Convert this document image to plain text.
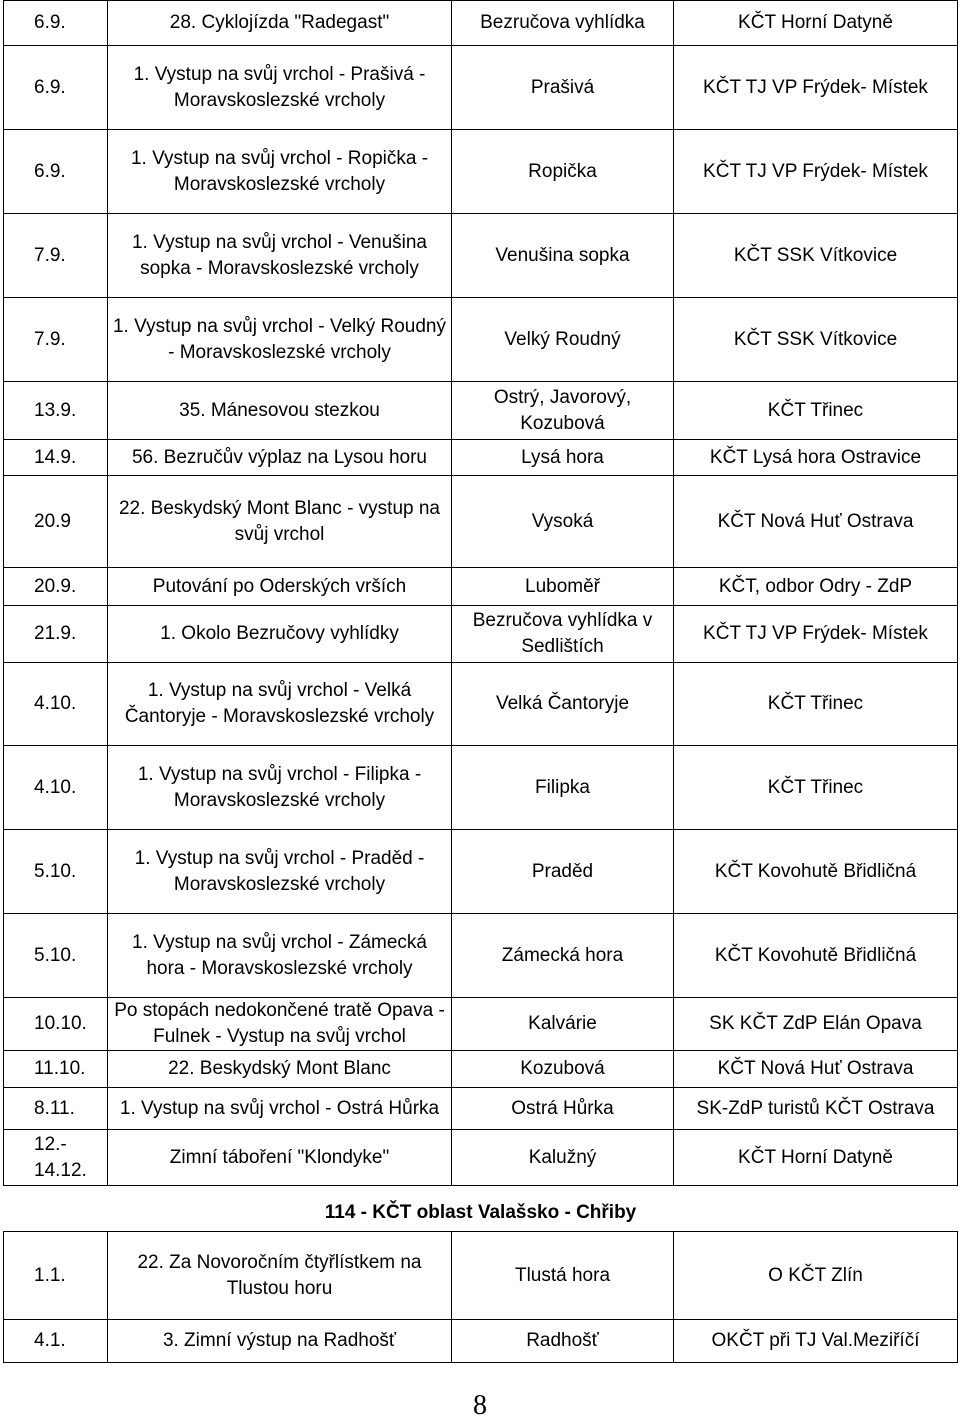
6.9.	28. Cyklojízda "Radegast"	Bezručova vyhlídka	KČT Horní Datyně
6.9.	1. Vystup na svůj vrchol - Prašivá - Moravskoslezské vrcholy	Prašivá	KČT TJ VP Frýdek- Místek
6.9.	1. Vystup na svůj vrchol - Ropička - Moravskoslezské vrcholy	Ropička	KČT TJ VP Frýdek- Místek
7.9.	1. Vystup na svůj vrchol - Venušina sopka - Moravskoslezské vrcholy	Venušina sopka	KČT SSK Vítkovice
7.9.	1. Vystup na svůj vrchol - Velký Roudný - Moravskoslezské vrcholy	Velký Roudný	KČT SSK Vítkovice
13.9.	35. Mánesovou stezkou	Ostrý, Javorový, Kozubová	KČT Třinec
14.9.	56. Bezručův výplaz na Lysou horu	Lysá hora	KČT Lysá hora Ostravice
20.9	22. Beskydský Mont Blanc - vystup na svůj vrchol	Vysoká	KČT Nová Huť Ostrava
20.9.	Putování po Oderských vrších	Luboměř	KČT, odbor Odry - ZdP
21.9.	1. Okolo Bezručovy vyhlídky	Bezručova vyhlídka v Sedlištích	KČT TJ VP Frýdek- Místek
4.10.	1. Vystup na svůj vrchol - Velká Čantoryje - Moravskoslezské vrcholy	Velká Čantoryje	KČT Třinec
4.10.	1. Vystup na svůj vrchol - Filipka - Moravskoslezské vrcholy	Filipka	KČT Třinec
5.10.	1. Vystup na svůj vrchol - Praděd - Moravskoslezské vrcholy	Praděd	KČT Kovohutě Břidličná
5.10.	1. Vystup na svůj vrchol - Zámecká hora - Moravskoslezské vrcholy	Zámecká hora	KČT Kovohutě Břidličná
10.10.	Po stopách nedokončené tratě Opava - Fulnek - Vystup na svůj vrchol	Kalvárie	SK KČT ZdP Elán Opava
11.10.	22. Beskydský Mont Blanc	Kozubová	KČT Nová Huť Ostrava
8.11.	1. Vystup na svůj vrchol - Ostrá Hůrka	Ostrá Hůrka	SK-ZdP turistů KČT Ostrava
12.- 14.12.	Zimní táboření "Klondyke"	Kalužný	KČT Horní Datyně
114 - KČT oblast Valašsko - Chřiby			
1.1.	22. Za Novoročním čtyřlístkem na Tlustou horu	Tlustá hora	O KČT Zlín
4.1.	3. Zimní výstup na Radhošť	Radhošť	OKČT při TJ Val.Meziříčí
8
